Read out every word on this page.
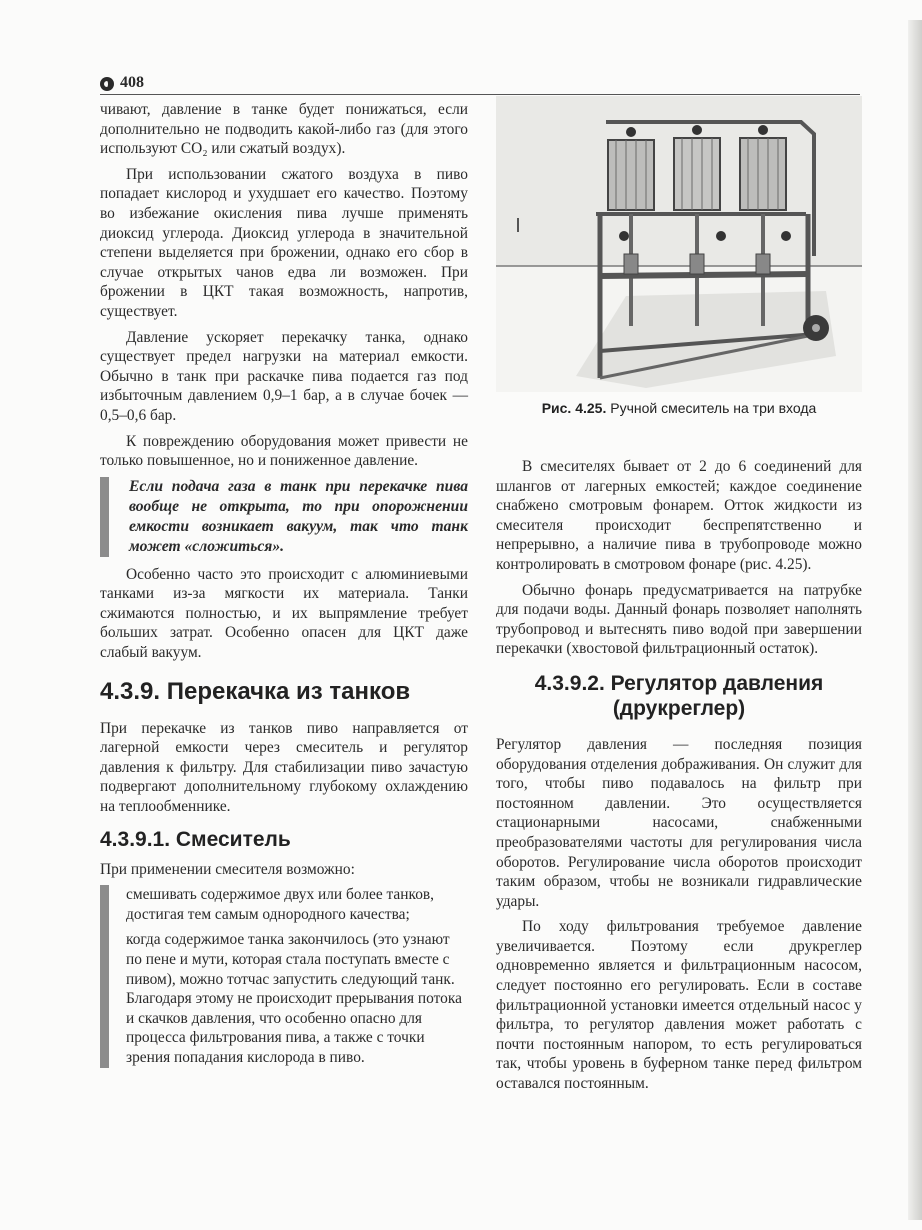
408

чивают, давление в танке будет понижаться, если дополнительно не подводить какой-либо газ (для этого используют CO₂ или сжатый воздух).

При использовании сжатого воздуха в пиво попадает кислород и ухудшает его качество. Поэтому во избежание окисления пива лучше применять диоксид углерода. Диоксид углерода в значительной степени выделяется при брожении, однако его сбор в случае открытых чанов едва ли возможен. При брожении в ЦКТ такая возможность, напротив, существует.

Давление ускоряет перекачку танка, однако существует предел нагрузки на материал емкости. Обычно в танк при раскачке пива подается газ под избыточным давлением 0,9–1 бар, а в случае бочек — 0,5–0,6 бар.

К повреждению оборудования может привести не только повышенное, но и пониженное давление.

Если подача газа в танк при перекачке пива вообще не открыта, то при опорожнении емкости возникает вакуум, так что танк может «сложиться».

Особенно часто это происходит с алюминиевыми танками из-за мягкости их материала. Танки сжимаются полностью, и их выпрямление требует больших затрат. Особенно опасен для ЦКТ даже слабый вакуум.

4.3.9. Перекачка из танков

При перекачке из танков пиво направляется от лагерной емкости через смеситель и регулятор давления к фильтру. Для стабилизации пиво зачастую подвергают дополнительному глубокому охлаждению на теплообменнике.

4.3.9.1. Смеситель

При применении смесителя возможно:

смешивать содержимое двух или более танков, достигая тем самым однородного качества;

когда содержимое танка закончилось (это узнают по пене и мути, которая стала поступать вместе с пивом), можно тотчас запустить следующий танк. Благодаря этому не происходит прерывания потока и скачков давления, что особенно опасно для процесса фильтрования пива, а также с точки зрения попадания кислорода в пиво.

Рис. 4.25. Ручной смеситель на три входа

В смесителях бывает от 2 до 6 соединений для шлангов от лагерных емкостей; каждое соединение снабжено смотровым фонарем. Отток жидкости из смесителя происходит беспрепятственно и непрерывно, а наличие пива в трубопроводе можно контролировать в смотровом фонаре (рис. 4.25).

Обычно фонарь предусматривается на патрубке для подачи воды. Данный фонарь позволяет наполнять трубопровод и вытеснять пиво водой при завершении перекачки (хвостовой фильтрационный остаток).

4.3.9.2. Регулятор давления
(друкреглер)

Регулятор давления — последняя позиция оборудования отделения дображивания. Он служит для того, чтобы пиво подавалось на фильтр при постоянном давлении. Это осуществляется стационарными насосами, снабженными преобразователями частоты для регулирования числа оборотов. Регулирование числа оборотов происходит таким образом, чтобы не возникали гидравлические удары.

По ходу фильтрования требуемое давление увеличивается. Поэтому если друкреглер одновременно является и фильтрационным насосом, следует постоянно его регулировать. Если в составе фильтрационной установки имеется отдельный насос у фильтра, то регулятор давления может работать с почти постоянным напором, то есть регулироваться так, чтобы уровень в буферном танке перед фильтром оставался постоянным.
